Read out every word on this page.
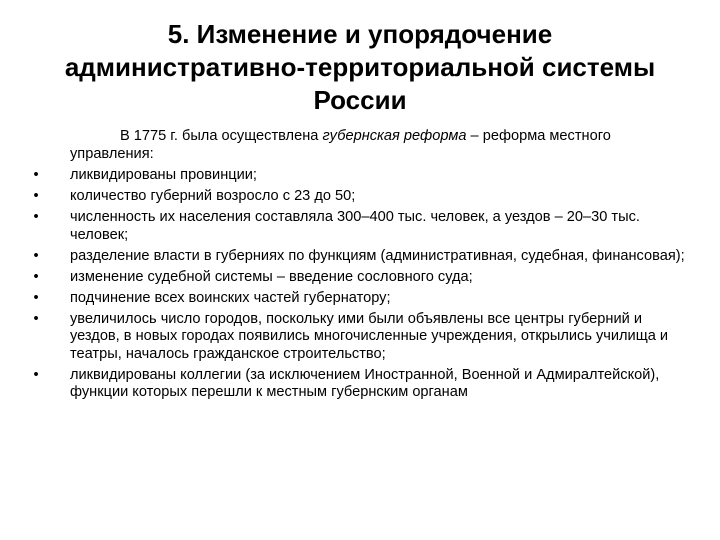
5. Изменение и упорядочение административно-территориальной системы России

В 1775 г. была осуществлена губернская реформа – реформа местного управления:

• ликвидированы провинции;
• количество губерний возросло с 23 до 50;
• численность их населения составляла 300–400 тыс. человек, а уездов – 20–30 тыс. человек;
• разделение власти в губерниях по функциям (административная, судебная, финансовая);
• изменение судебной системы – введение сословного суда;
• подчинение всех воинских частей губернатору;
• увеличилось число городов, поскольку ими были объявлены все центры губерний и уездов, в новых городах появились многочисленные учреждения, открылись училища и театры, началось гражданское строительство;
• ликвидированы коллегии (за исключением Иностранной, Военной и Адмиралтейской), функции которых перешли к местным губернским органам
